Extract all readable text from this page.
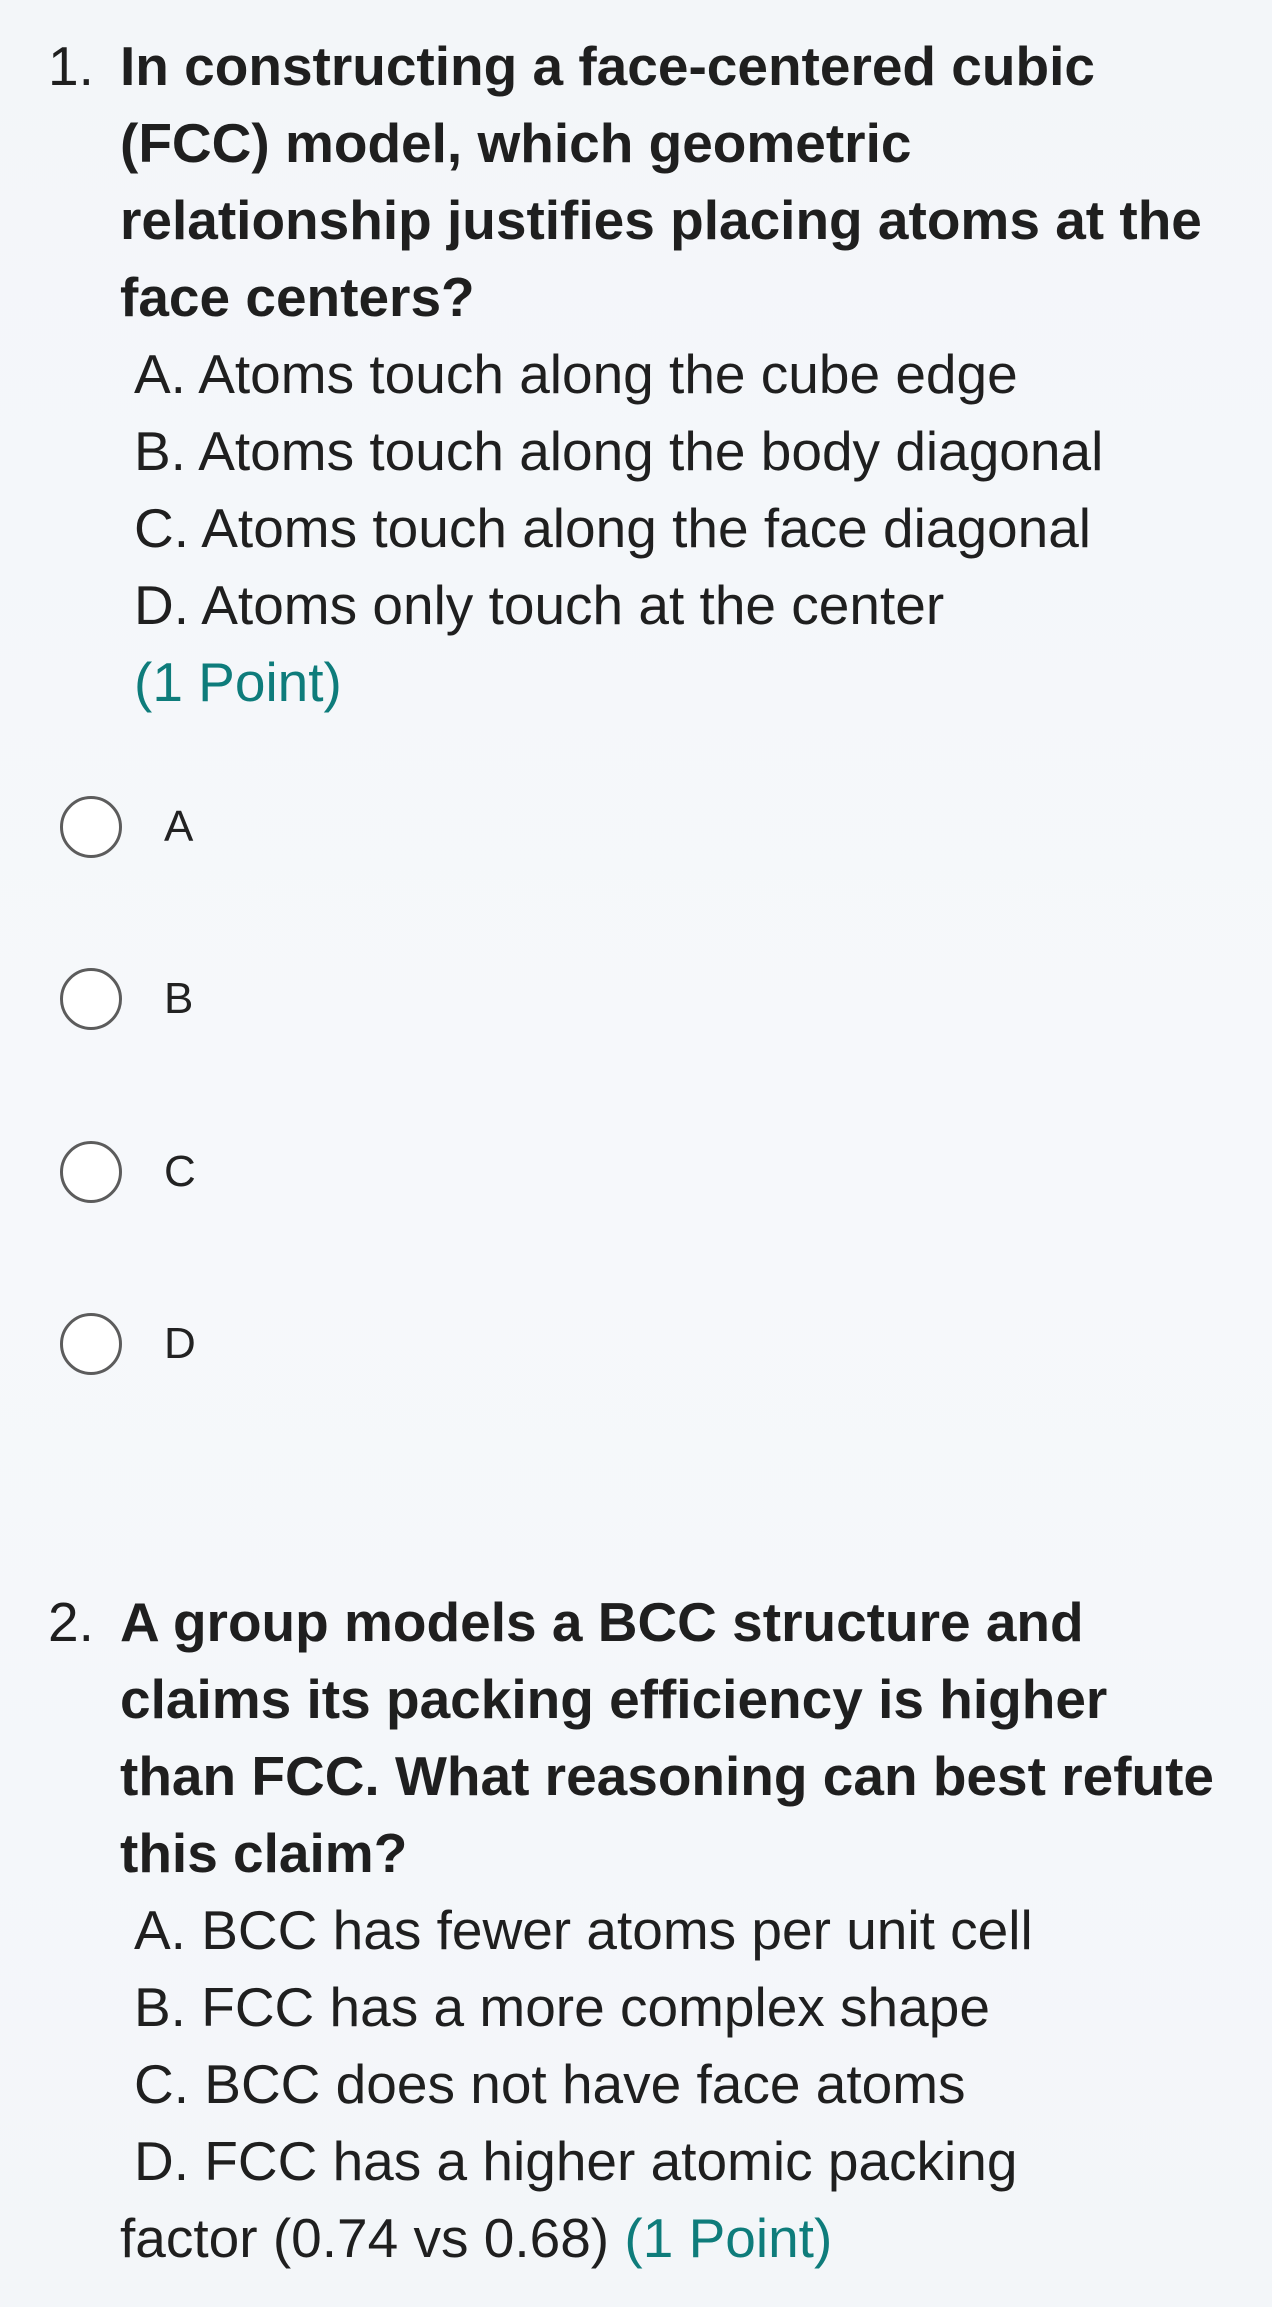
1. In constructing a face-centered cubic (FCC) model, which geometric relationship justifies placing atoms at the face centers?
A. Atoms touch along the cube edge
B. Atoms touch along the body diagonal
C. Atoms touch along the face diagonal
D. Atoms only touch at the center
(1 Point)
A
B
C
D
2. A group models a BCC structure and claims its packing efficiency is higher than FCC. What reasoning can best refute this claim?
A. BCC has fewer atoms per unit cell
B. FCC has a more complex shape
C. BCC does not have face atoms
D. FCC has a higher atomic packing
factor (0.74 vs 0.68) (1 Point)
